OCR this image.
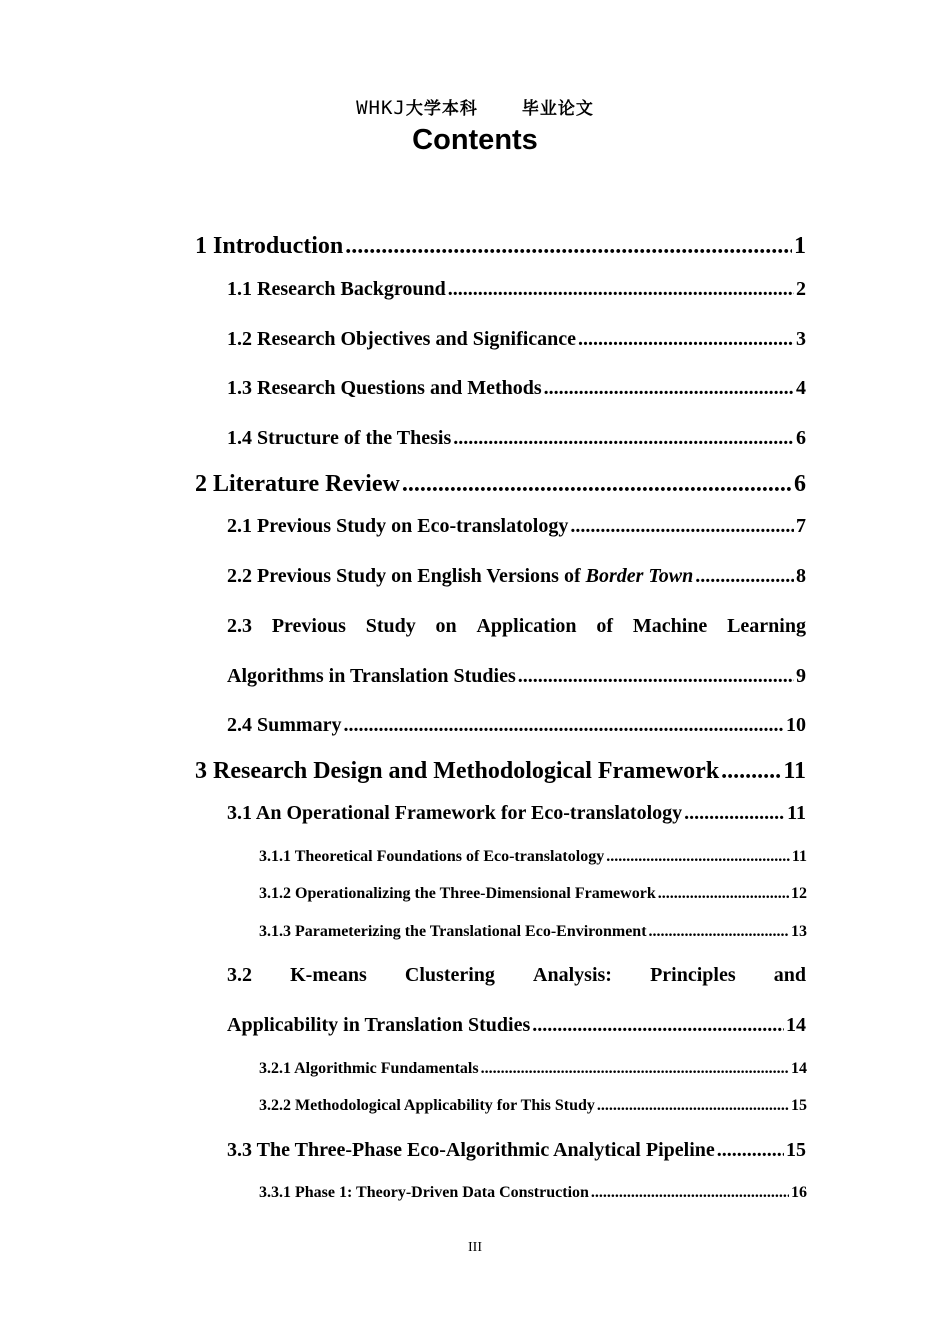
WHKJ大学本科	毕业论文
Contents
1 Introduction .....	1
1.1 Research Background .....	2
1.2 Research Objectives and Significance .....	3
1.3 Research Questions and Methods .....	4
1.4 Structure of the Thesis .....	6
2 Literature Review .....	6
2.1 Previous Study on Eco-translatology .....	7
2.2 Previous Study on English Versions of Border Town .....	8
2.3 Previous Study on Application of Machine Learning
Algorithms in Translation Studies .....	9
2.4 Summary .....	10
3 Research Design and Methodological Framework .....	11
3.1 An Operational Framework for Eco-translatology .....	11
3.1.1 Theoretical Foundations of Eco-translatology .....	11
3.1.2 Operationalizing the Three-Dimensional Framework .....	12
3.1.3 Parameterizing the Translational Eco-Environment .....	13
3.2 K-means Clustering Analysis: Principles and
Applicability in Translation Studies .....	14
3.2.1 Algorithmic Fundamentals .....	14
3.2.2 Methodological Applicability for This Study .....	15
3.3 The Three-Phase Eco-Algorithmic Analytical Pipeline .....	15
3.3.1 Phase 1: Theory-Driven Data Construction .....	16
III
